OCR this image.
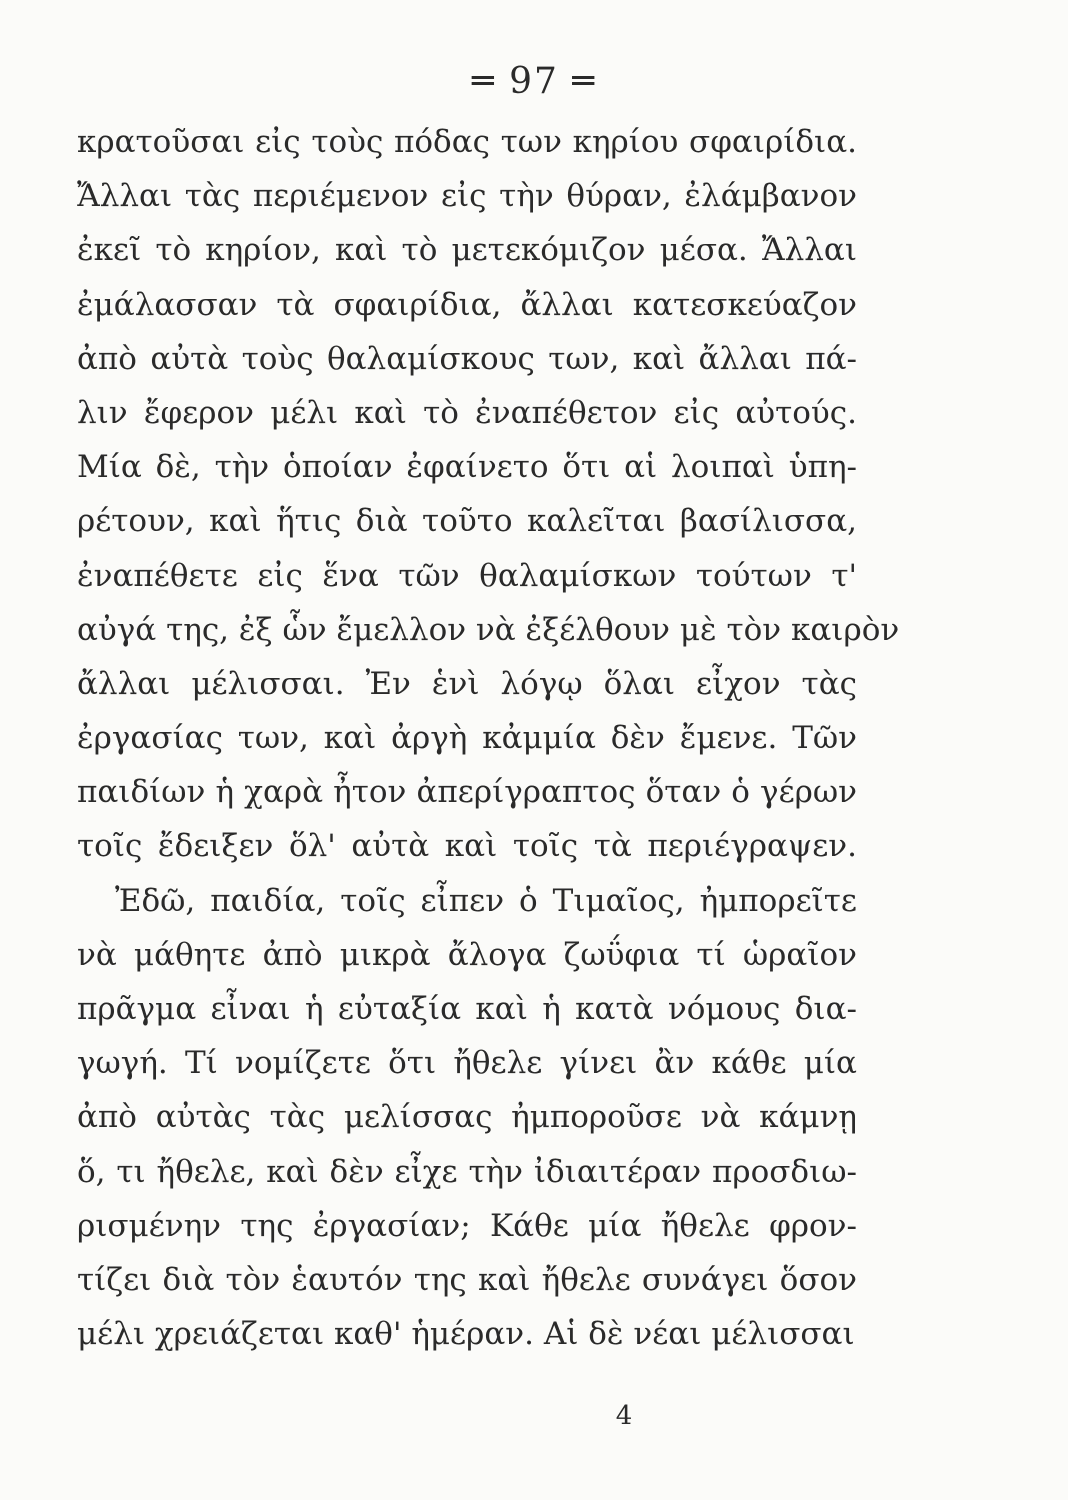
═ 97 ═
κρατοῦσαι εἰς τοὺς πόδας των κηρίου σφαιρίδια.
Ἄλλαι τὰς περιέμενον εἰς τὴν θύραν, ἐλάμβανον
ἐκεῖ τὸ κηρίον, καὶ τὸ μετεκόμιζον μέσα. Ἄλλαι
ἐμάλασσαν τὰ σφαιρίδια, ἄλλαι κατεσκεύαζον
ἀπὸ αὐτὰ τοὺς θαλαμίσκους των, καὶ ἄλλαι πά-
λιν ἔφερον μέλι καὶ τὸ ἐναπέθετον εἰς αὐτούς.
Μία δὲ, τὴν ὁποίαν ἐφαίνετο ὅτι αἱ λοιπαὶ ὑπη-
ρέτουν, καὶ ἥτις διὰ τοῦτο καλεῖται βασίλισσα,
ἐναπέθετε εἰς ἕνα τῶν θαλαμίσκων τούτων τ'
αὐγά της, ἐξ ὧν ἔμελλον νὰ ἐξέλθουν μὲ τὸν καιρὸν
ἄλλαι μέλισσαι. Ἐν ἑνὶ λόγῳ ὅλαι εἶχον τὰς
ἐργασίας των, καὶ ἀργὴ κἀμμία δὲν ἔμενε. Τῶν
παιδίων ἡ χαρὰ ἦτον ἀπερίγραπτος ὅταν ὁ γέρων
τοῖς ἔδειξεν ὅλ' αὐτὰ καὶ τοῖς τὰ περιέγραψεν.
Ἐδῶ, παιδία, τοῖς εἶπεν ὁ Τιμαῖος, ἠμπορεῖτε
νὰ μάθητε ἀπὸ μικρὰ ἄλογα ζωΰφια τί ὡραῖον
πρᾶγμα εἶναι ἡ εὐταξία καὶ ἡ κατὰ νόμους δια-
γωγή. Τί νομίζετε ὅτι ἤθελε γίνει ἂν κάθε μία
ἀπὸ αὐτὰς τὰς μελίσσας ἠμποροῦσε νὰ κάμνῃ
ὅ, τι ἤθελε, καὶ δὲν εἶχε τὴν ἰδιαιτέραν προσδιω-
ρισμένην της ἐργασίαν; Κάθε μία ἤθελε φρον-
τίζει διὰ τὸν ἑαυτόν της καὶ ἤθελε συνάγει ὅσον
μέλι χρειάζεται καθ' ἡμέραν. Αἱ δὲ νέαι μέλισσαι
4
